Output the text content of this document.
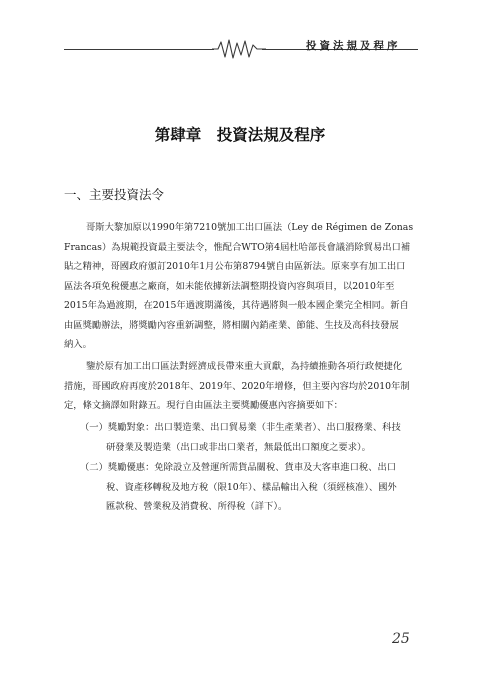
投資法規及程序
第肆章　投資法規及程序
一、主要投資法令
哥斯大黎加原以1990年第7210號加工出口區法（Ley de Régimen de Zonas
Francas）為規範投資最主要法令，惟配合WTO第4屆杜哈部長會議消除貿易出口補
貼之精神，哥國政府頒訂2010年1月公布第8794號自由區新法。原來享有加工出口
區法各項免稅優惠之廠商，如未能依據新法調整期投資內容與項目，以2010年至
2015年為過渡期，在2015年過渡期滿後，其待遇將與一般本國企業完全相同。新自
由區獎勵辦法，將獎勵內容重新調整，將相關內銷產業、節能、生技及高科技發展
納入。
鑒於原有加工出口區法對經濟成長帶來重大貢獻，為持續推動各項行政便捷化
措施，哥國政府再度於2018年、2019年、2020年增修，但主要內容均於2010年制
定，條文摘譯如附錄五。現行自由區法主要獎勵優惠內容摘要如下：
（一）獎勵對象：出口製造業、出口貿易業（非生產業者）、出口服務業、科技
研發業及製造業（出口或非出口業者，無最低出口額度之要求）。
（二）獎勵優惠：免除設立及營運所需貨品關稅、貨車及大客車進口稅、出口
稅、資產移轉稅及地方稅（限10年）、樣品輸出入稅（須經核准）、國外
匯款稅、營業稅及消費稅、所得稅（詳下）。
25
